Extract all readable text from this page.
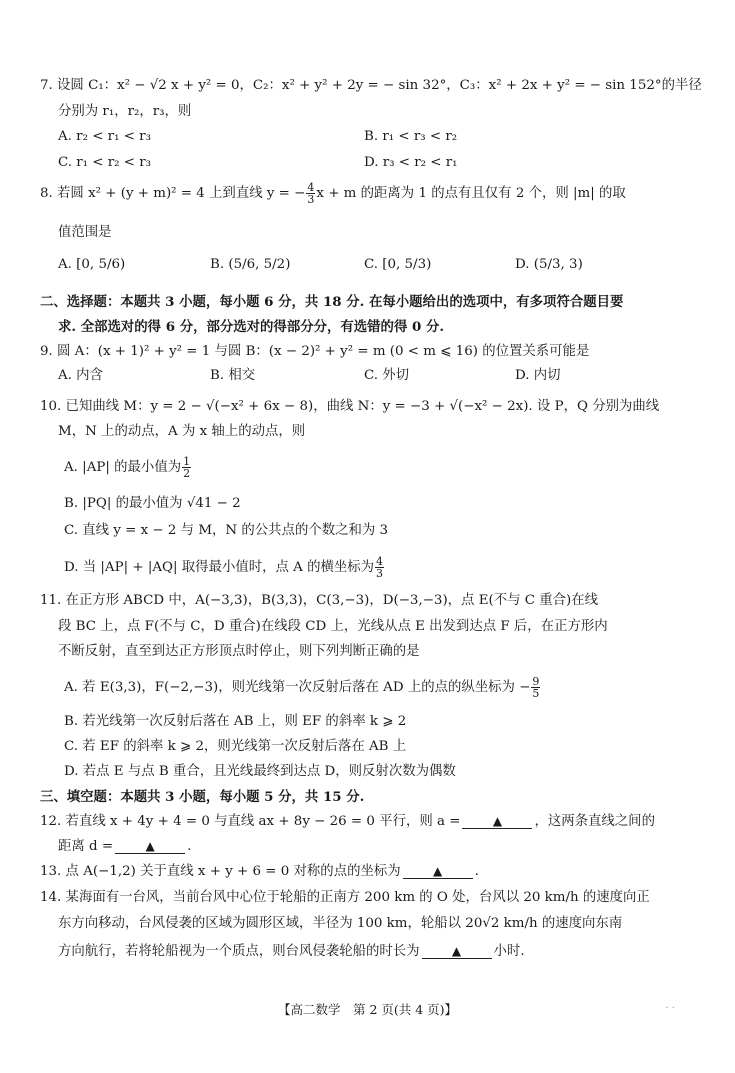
7. 设圆 C₁：x² − √2 x + y² = 0，C₂：x² + y² + 2y = − sin 32°，C₃：x² + 2x + y² = − sin 152°的半径
分别为 r₁，r₂，r₃，则
A. r₂ < r₁ < r₃	B. r₁ < r₃ < r₂
C. r₁ < r₂ < r₃	D. r₃ < r₂ < r₁
8. 若圆 x² + (y + m)² = 4 上到直线 y = − $\frac{4}{3}$ x + m 的距离为 1 的点有且仅有 2 个，则 |m| 的取
值范围是
A. [0, 5/6)	B. (5/6, 5/2)	C. [0, 5/3)	D. (5/3, 3)
二、选择题：本题共 3 小题，每小题 6 分，共 18 分. 在每小题给出的选项中，有多项符合题目要
求. 全部选对的得 6 分，部分选对的得部分分，有选错的得 0 分.
9. 圆 A：(x + 1)² + y² = 1 与圆 B：(x − 2)² + y² = m (0 < m ⩽ 16) 的位置关系可能是
A. 内含	B. 相交	C. 外切	D. 内切
10. 已知曲线 M：y = 2 − √(−x² + 6x − 8)，曲线 N：y = −3 + √(−x² − 2x). 设 P，Q 分别为曲线
M，N 上的动点，A 为 x 轴上的动点，则
A. |AP| 的最小值为 $\frac{1}{2}$
B. |PQ| 的最小值为 √41 − 2
C. 直线 y = x − 2 与 M，N 的公共点的个数之和为 3
D. 当 |AP| + |AQ| 取得最小值时，点 A 的横坐标为 $\frac{4}{3}$
11. 在正方形 ABCD 中，A(−3,3)，B(3,3)，C(3,−3)，D(−3,−3)，点 E(不与 C 重合)在线
段 BC 上，点 F(不与 C，D 重合)在线段 CD 上，光线从点 E 出发到达点 F 后，在正方形内
不断反射，直至到达正方形顶点时停止，则下列判断正确的是
A. 若 E(3,3)，F(−2,−3)，则光线第一次反射后落在 AD 上的点的纵坐标为 − $\frac{9}{5}$
B. 若光线第一次反射后落在 AB 上，则 EF 的斜率 k ⩾ 2
C. 若 EF 的斜率 k ⩾ 2，则光线第一次反射后落在 AB 上
D. 若点 E 与点 B 重合，且光线最终到达点 D，则反射次数为偶数
三、填空题：本题共 3 小题，每小题 5 分，共 15 分.
12. 若直线 x + 4y + 4 = 0 与直线 ax + 8y − 26 = 0 平行，则 a =	▲ ，这两条直线之间的
距离 d =	▲ .
13. 点 A(−1,2) 关于直线 x + y + 6 = 0 对称的点的坐标为	▲ .
14. 某海面有一台风，当前台风中心位于轮船的正南方 200 km 的 O 处，台风以 20 km/h 的速度向正
东方向移动，台风侵袭的区域为圆形区域，半径为 100 km，轮船以 20√2 km/h 的速度向东南
方向航行，若将轮船视为一个质点，则台风侵袭轮船的时长为	▲ 小时.
【高二数学　第 2 页(共 4 页)】	· ·
